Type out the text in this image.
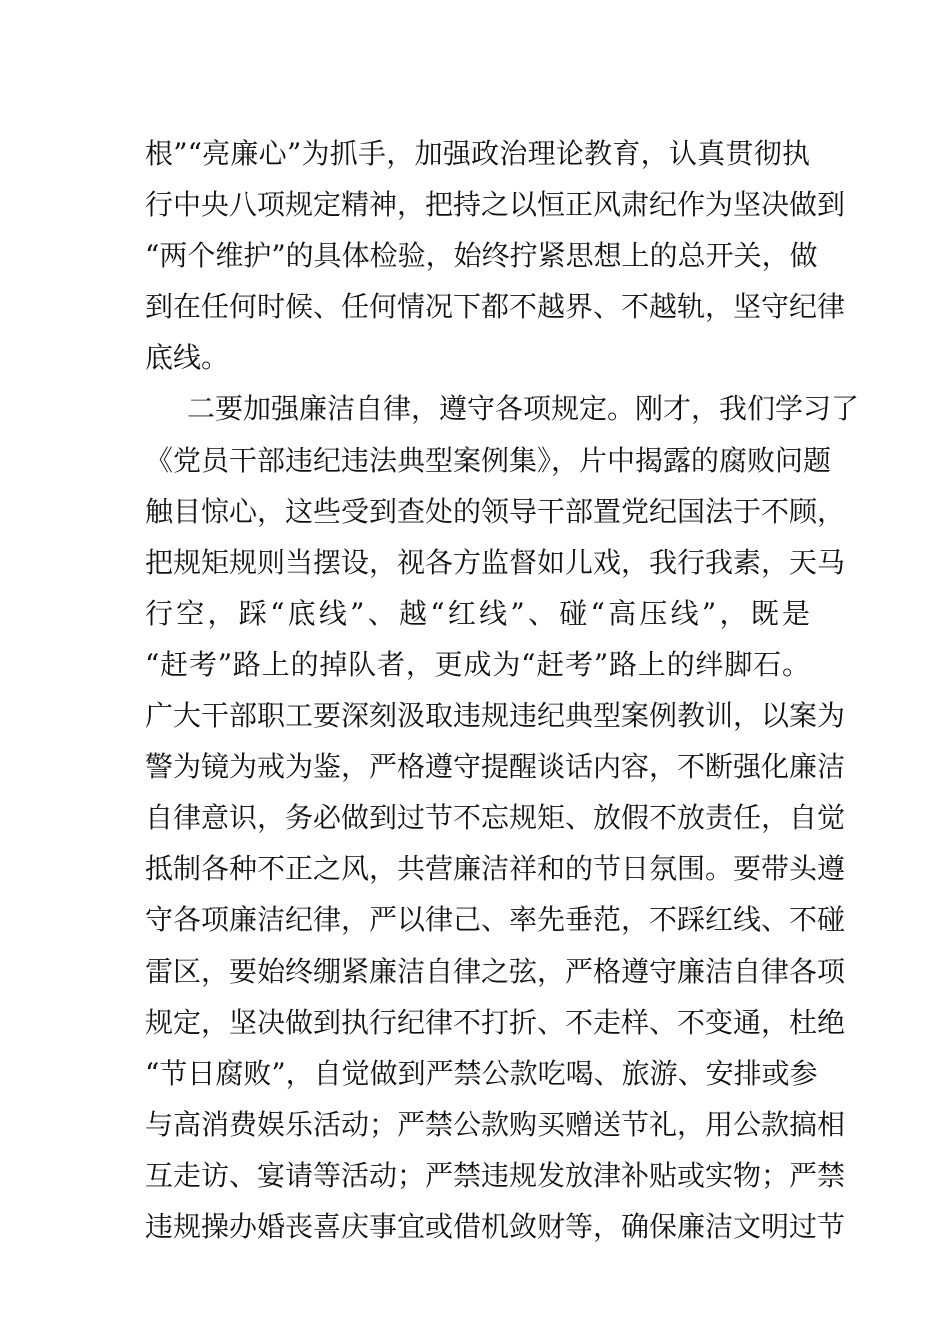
根”“亮廉心”为抓手，加强政治理论教育，认真贯彻执
行中央八项规定精神，把持之以恒正风肃纪作为坚决做到
“两个维护”的具体检验，始终拧紧思想上的总开关，做
到在任何时候、任何情况下都不越界、不越轨，坚守纪律
底线。
二要加强廉洁自律，遵守各项规定。刚才，我们学习了
《党员干部违纪违法典型案例集》，片中揭露的腐败问题
触目惊心，这些受到查处的领导干部置党纪国法于不顾，
把规矩规则当摆设，视各方监督如儿戏，我行我素，天马
行空，踩“底线”、越“红线”、碰“高压线”，既是
“赶考”路上的掉队者，更成为“赶考”路上的绊脚石。
广大干部职工要深刻汲取违规违纪典型案例教训，以案为
警为镜为戒为鉴，严格遵守提醒谈话内容，不断强化廉洁
自律意识，务必做到过节不忘规矩、放假不放责任，自觉
抵制各种不正之风，共营廉洁祥和的节日氛围。要带头遵
守各项廉洁纪律，严以律己、率先垂范，不踩红线、不碰
雷区，要始终绷紧廉洁自律之弦，严格遵守廉洁自律各项
规定，坚决做到执行纪律不打折、不走样、不变通，杜绝
“节日腐败”，自觉做到严禁公款吃喝、旅游、安排或参
与高消费娱乐活动；严禁公款购买赠送节礼，用公款搞相
互走访、宴请等活动；严禁违规发放津补贴或实物；严禁
违规操办婚丧喜庆事宜或借机敛财等，确保廉洁文明过节
